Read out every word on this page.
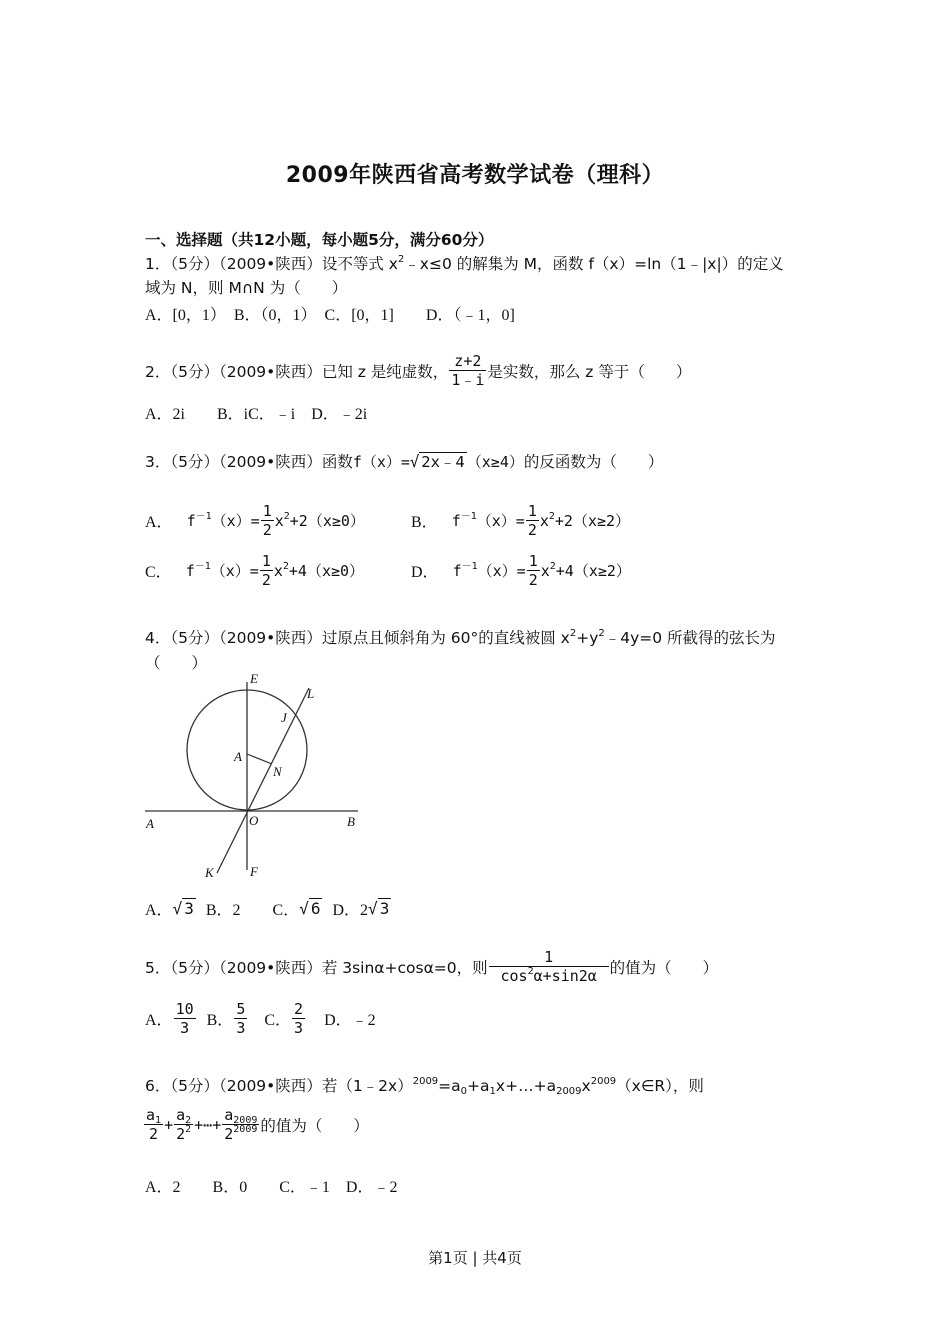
2009年陕西省高考数学试卷（理科）
一、选择题（共12小题，每小题5分，满分60分）
1．（5分）（2009•陕西）设不等式 $x^2﹣x\le 0$ 的解集为 M，函数 f（x）=ln（1﹣|x|）的定义
域为 N，则 M∩N 为（　　）
A．[0，1）　B．（0，1）　C．[0，1]　　D．（﹣1，0]
2．（5分）（2009•陕西）已知 z 是纯虚数， $\frac{z+2}{1﹣i}$ 是实数，那么 z 等于（　　）
A．2i　　B．iC．﹣i　D．﹣2i
3．（5分）（2009•陕西）函数 f（x）= √ 2x﹣4 （x≥4） 的反函数为（　　）
A． $f^{-1}(x)= \frac{1}{2} x^2+2(x\ge 0)$	B． $f^{-1}(x)= \frac{1}{2} x^2+2(x\ge 2)$
C． $f^{-1}(x)= \frac{1}{2} x^2+4(x\ge 0)$	D． $f^{-1}(x)= \frac{1}{2} x^2+4(x\ge 2)$
4．（5分）（2009•陕西）过原点且倾斜角为 60°的直线被圆 $x^2+y^2﹣4y=0$ 所截得的弦长为
（　　）
E
L
J
A
N
A	O	B
K	F
A． √ 3 B．2　　C． √ 6 D．2 √ 3
5．（5分）（2009•陕西）若 3sinα+cosα=0，则 $\frac{1}{\cos^2\alpha+\sin 2\alpha}$ 的值为（　　）
A． $\frac{10}{3}$ B． $\frac{5}{3}$ C． $\frac{2}{3}$ D．﹣2
6．（5分）（2009•陕西）若$(1﹣2x)^{2009}=a_0+a_1x+\dots+a_{2009}x^{2009}(x\in R)$，则
$\frac{a_1}{2} + \frac{a_2}{2^2}$ +⋯+ $\frac{a_{2009}}{2^{2009}}$ 的值为（　　）
A．2　　B．0　　C．﹣1　D．﹣2
第1页 | 共4页
